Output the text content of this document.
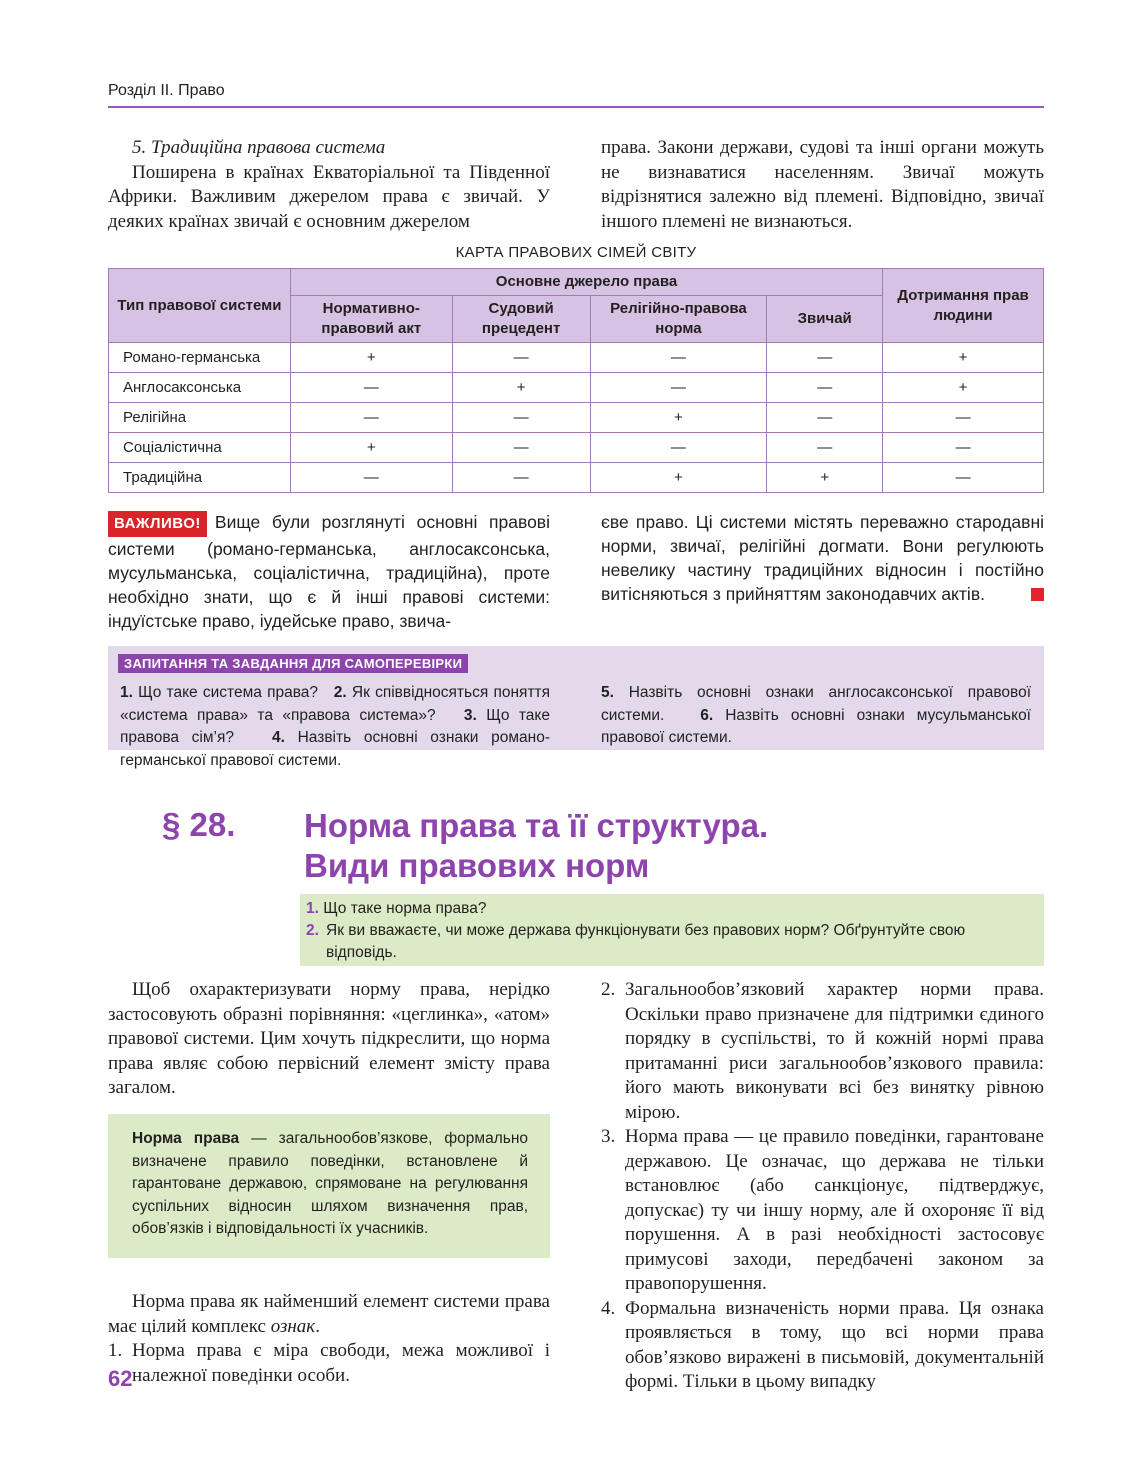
Розділ ІІ. Право

5. Традиційна правова система

Поширена в країнах Екваторіальної та Південної Африки. Важливим джерелом права є звичай. У деяких країнах звичай є основним джерелом

права. Закони держави, судові та інші органи можуть не визнаватися населенням. Звичаї можуть відрізнятися залежно від племені. Відповідно, звичаї іншого племені не визнаються.

КАРТА ПРАВОВИХ СІМЕЙ СВІТУ
Тип правової системи	Основне джерело права				Дотримання прав людини
	Нормативно-правовий акт	Судовий прецедент	Релігійно-правова норма	Звичай	
Романо-германська	+	—	—	—	+
Англосаксонська	—	+	—	—	+
Релігійна	—	—	+	—	—
Соціалістична	+	—	—	—	—
Традиційна	—	—	+	+	—
ВАЖЛИВО! Вище були розглянуті основні правові системи (романо-германська, англосаксонська, мусульманська, соціалістична, традиційна), проте необхідно знати, що є й інші правові системи: індуїстське право, іудейське право, звича-
єве право. Ці системи містять переважно стародавні норми, звичаї, релігійні догмати. Вони регулюють невелику частину традиційних відносин і постійно витісняються з прийняттям законодавчих актів.
ЗАПИТАННЯ ТА ЗАВДАННЯ ДЛЯ САМОПЕРЕВІРКИ
1. Що таке система права? 2. Як співвідносяться поняття «система права» та «правова система»? 3. Що таке правова сім’я? 4. Назвіть основні ознаки романо-германської правової системи.
5. Назвіть основні ознаки англосаксонської правової системи. 6. Назвіть основні ознаки мусульманської правової системи.
§ 28. Норма права та її структура.
Види правових норм
1. Що таке норма права?
2. Як ви вважаєте, чи може держава функціонувати без правових норм? Обґрунтуйте свою відповідь.

Щоб охарактеризувати норму права, нерідко застосовують образні порівняння: «цеглинка», «атом» правової системи. Цим хочуть підкреслити, що норма права являє собою первісний елемент змісту права загалом.

Норма права — загальнообов’язкове, формально визначене правило поведінки, встановлене й гарантоване державою, спрямоване на регулювання суспільних відносин шляхом визначення прав, обов’язків і відповідальності їх учасників.

Норма права як найменший елемент системи права має цілий комплекс ознак.

1. Норма права є міра свободи, межа можливої і належної поведінки особи.

2. Загальнообов’язковий характер норми права. Оскільки право призначене для підтримки єдиного порядку в суспільстві, то й кожній нормі права притаманні риси загальнообов’язкового правила: його мають виконувати всі без винятку рівною мірою.

3. Норма права — це правило поведінки, гарантоване державою. Це означає, що держава не тільки встановлює (або санкціонує, підтверджує, допускає) ту чи іншу норму, але й охороняє її від порушення. А в разі необхідності застосовує примусові заходи, передбачені законом за правопорушення.

4. Формальна визначеність норми права. Ця ознака проявляється в тому, що всі норми права обов’язково виражені в письмовій, документальній формі. Тільки в цьому випадку

62
